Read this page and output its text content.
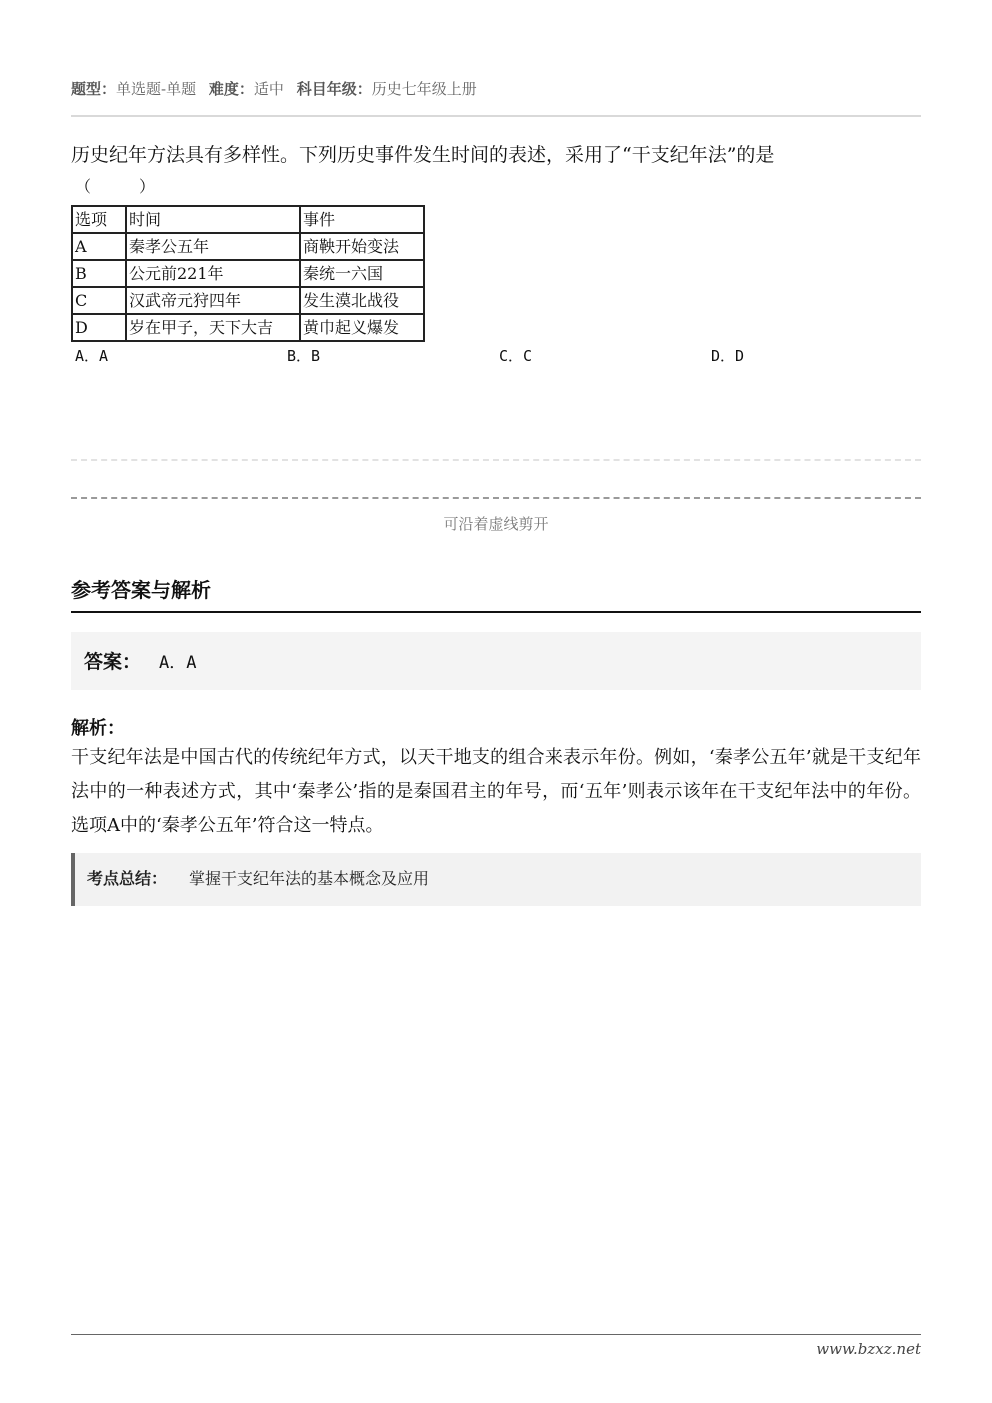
题型：单选题-单题 难度：适中 科目年级：历史七年级上册
历史纪年方法具有多样性。下列历史事件发生时间的表述，采用了“干支纪年法”的是
（　　　）
选项	时间	事件
A	秦孝公五年	商鞅开始变法
B	公元前221年	秦统一六国
C	汉武帝元狩四年	发生漠北战役
D	岁在甲子，天下大吉	黄巾起义爆发
A．A	B．B	C．C	D．D
可沿着虚线剪开
参考答案与解析
答案： A．A
解析：
干支纪年法是中国古代的传统纪年方式，以天干地支的组合来表示年份。例如，‘秦孝公五年’就是干支纪年法中的一种表述方式，其中‘秦孝公’指的是秦国君主的年号，而‘五年’则表示该年在干支纪年法中的年份。选项A中的‘秦孝公五年’符合这一特点。
考点总结： 掌握干支纪年法的基本概念及应用
www.bzxz.net
